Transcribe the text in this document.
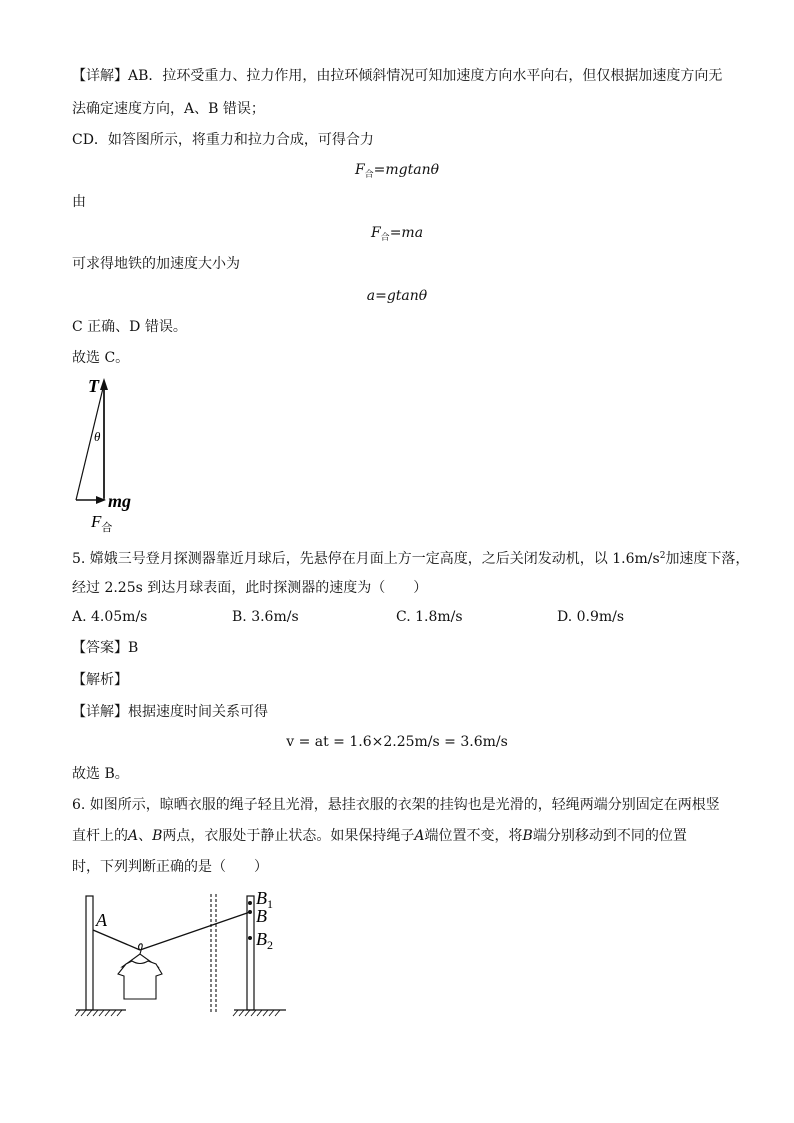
【详解】AB．拉环受重力、拉力作用，由拉环倾斜情况可知加速度方向水平向右，但仅根据加速度方向无
法确定速度方向，A、B 错误；
CD．如答图所示，将重力和拉力合成，可得合力
$F_合=mgtan\theta$
由
$F_合=ma$
可求得地铁的加速度大小为
a=gtanθ
C 正确、D 错误。
故选 C。
T
θ
mg
$F_合$
5. 嫦娥三号登月探测器靠近月球后，先悬停在月面上方一定高度，之后关闭发动机，以 $1.6m/s^2$加速度下落，
经过 2.25s 到达月球表面，此时探测器的速度为（　　）
A. 4.05m/s	B. 3.6m/s	C. 1.8m/s	D. 0.9m/s
【答案】B
【解析】
【详解】根据速度时间关系可得
v = at = 1.6×2.25m/s = 3.6m/s
故选 B。
6. 如图所示，晾晒衣服的绳子轻且光滑，悬挂衣服的衣架的挂钩也是光滑的，轻绳两端分别固定在两根竖
直杆上的A、B两点，衣服处于静止状态。如果保持绳子A端位置不变，将B端分别移动到不同的位置
时，下列判断正确的是（　　）
A
$B_1$
B
$B_2$
